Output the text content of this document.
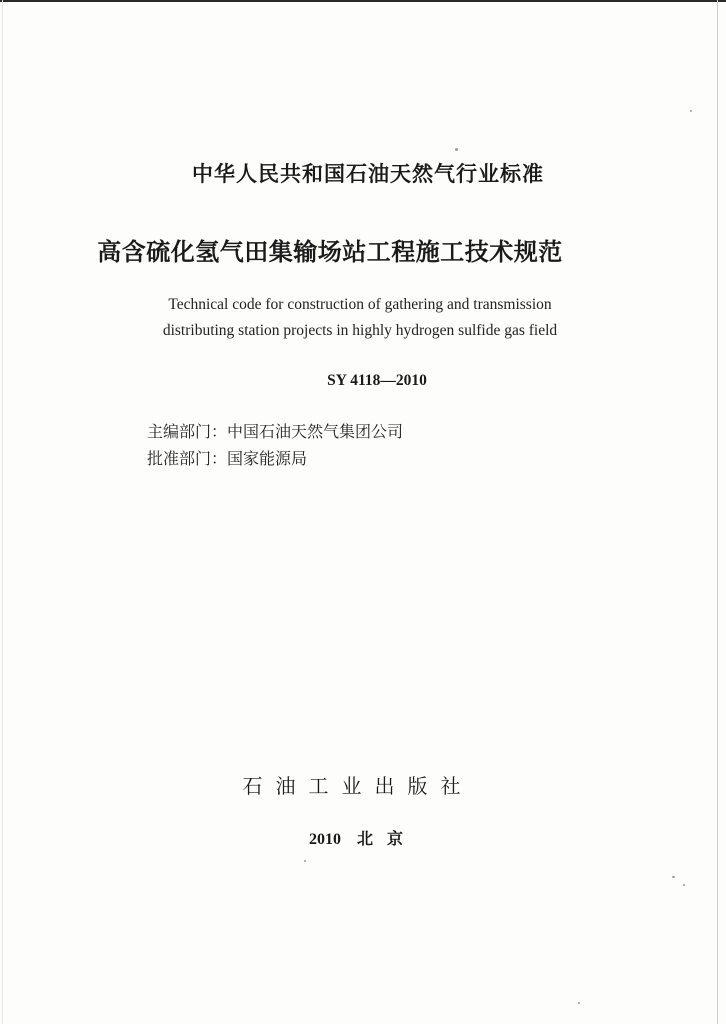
中华人民共和国石油天然气行业标准
高含硫化氢气田集输场站工程施工技术规范
Technical code for construction of gathering and transmission
distributing station projects in highly hydrogen sulfide gas field
SY 4118—2010
主编部门：中国石油天然气集团公司
批准部门：国家能源局
石油工业出版社
2010 北京
